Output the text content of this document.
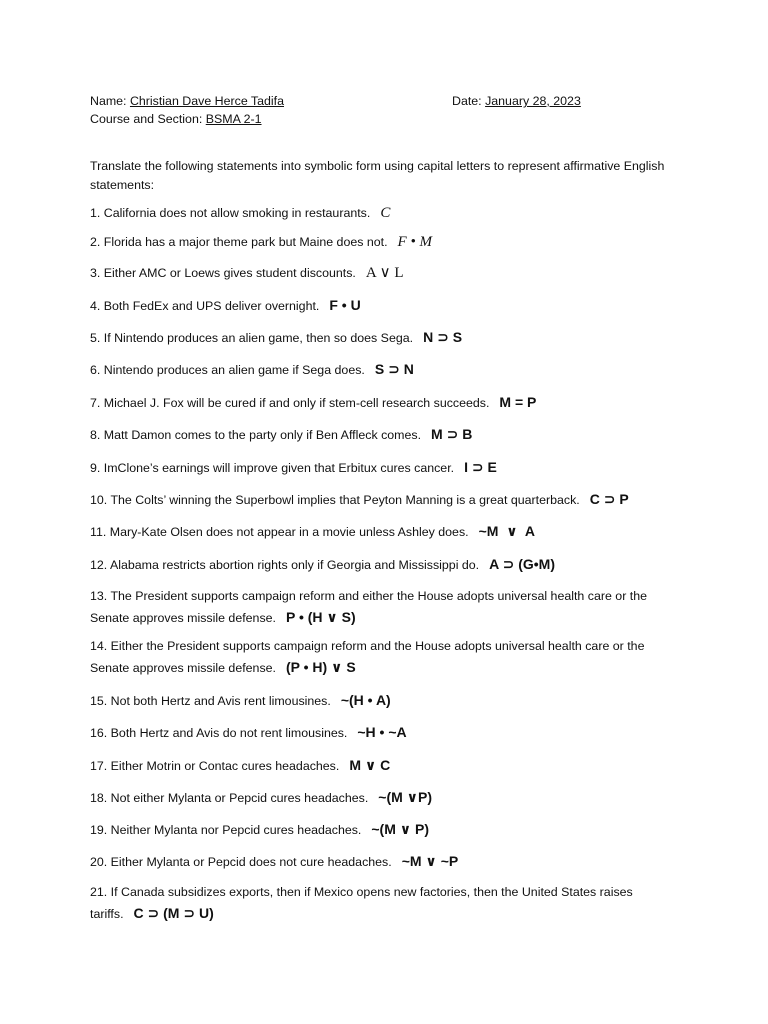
Name: Christian Dave Herce Tadifa	Date: January 28, 2023
Course and Section: BSMA 2-1
Translate the following statements into symbolic form using capital letters to represent affirmative English statements:
1. California does not allow smoking in restaurants. C
2. Florida has a major theme park but Maine does not. F • M
3. Either AMC or Loews gives student discounts. A ∨ L
4. Both FedEx and UPS deliver overnight. F • U
5. If Nintendo produces an alien game, then so does Sega. N ⊃ S
6. Nintendo produces an alien game if Sega does. S ⊃ N
7. Michael J. Fox will be cured if and only if stem-cell research succeeds. M = P
8. Matt Damon comes to the party only if Ben Affleck comes. M ⊃ B
9. ImClone’s earnings will improve given that Erbitux cures cancer. I ⊃ E
10. The Colts’ winning the Superbowl implies that Peyton Manning is a great quarterback. C ⊃ P
11. Mary-Kate Olsen does not appear in a movie unless Ashley does. ~M  ∨  A
12. Alabama restricts abortion rights only if Georgia and Mississippi do. A ⊃ (G•M)
13. The President supports campaign reform and either the House adopts universal health care or the Senate approves missile defense. P • (H ∨ S)
14. Either the President supports campaign reform and the House adopts universal health care or the Senate approves missile defense. (P • H) ∨ S
15. Not both Hertz and Avis rent limousines. ~(H • A)
16. Both Hertz and Avis do not rent limousines. ~H • ~A
17. Either Motrin or Contac cures headaches. M ∨ C
18. Not either Mylanta or Pepcid cures headaches. ~(M ∨P)
19. Neither Mylanta nor Pepcid cures headaches. ~(M ∨ P)
20. Either Mylanta or Pepcid does not cure headaches. ~M ∨ ~P
21. If Canada subsidizes exports, then if Mexico opens new factories, then the United States raises tariffs. C ⊃ (M ⊃ U)
